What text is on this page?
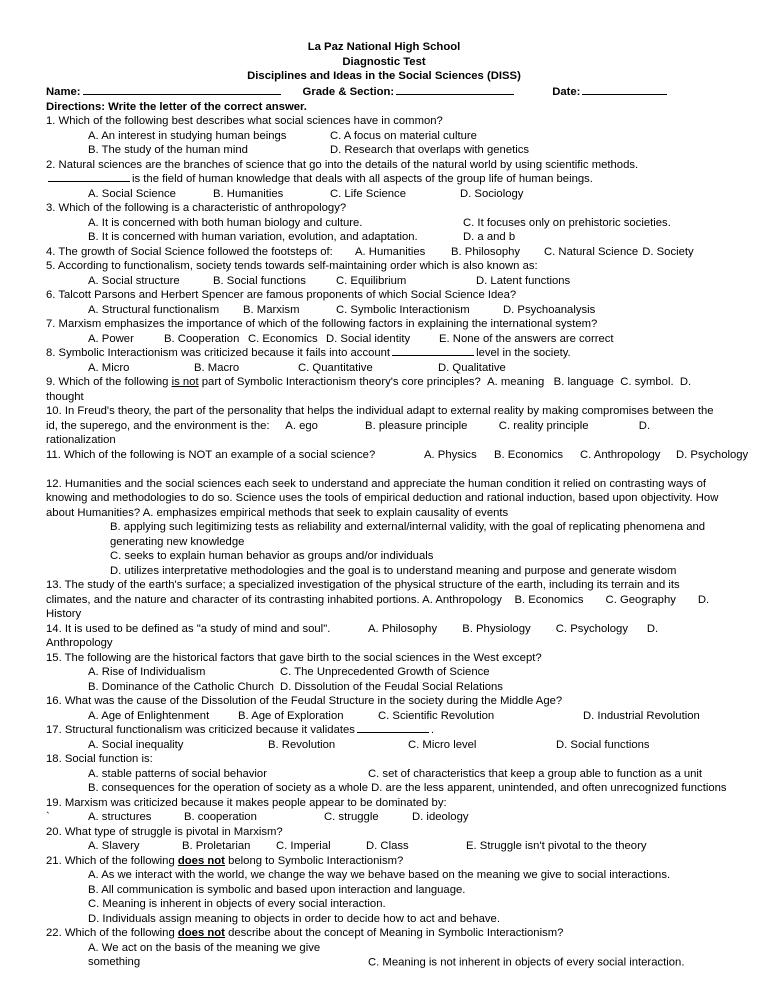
La Paz National High School
Diagnostic Test
Disciplines and Ideas in the Social Sciences (DISS)
Name:	Grade & Section:	Date:
Directions: Write the letter of the correct answer.
1. Which of the following best describes what social sciences have in common?
A. An interest in studying human beings	C. A focus on material culture
B. The study of the human mind	D. Research that overlaps with genetics
2. Natural sciences are the branches of science that go into the details of the natural world by using scientific methods.is the field of human knowledge that deals with all aspects of the group life of human beings.
A. Social Science	B. Humanities	C. Life Science	D. Sociology
3. Which of the following is a characteristic of anthropology?
A. It is concerned with both human biology and culture.	C. It focuses only on prehistoric societies.
B. It is concerned with human variation, evolution, and adaptation.	D. a and b
4. The growth of Social Science followed the footsteps of: A. Humanities B. Philosophy C. Natural Science D. Society
5. According to functionalism, society tends towards self-maintaining order which is also known as:
A. Social structure	B. Social functions	C. Equilibrium	D. Latent functions
6. Talcott Parsons and Herbert Spencer are famous proponents of which Social Science Idea?
A. Structural functionalism B. Marxism	C. Symbolic Interactionism	D. Psychoanalysis
7. Marxism emphasizes the importance of which of the following factors in explaining the international system?
A. Power	B. Cooperation C. Economics D. Social identity	E. None of the answers are correct
8. Symbolic Interactionism was criticized because it fails into account	level in the society.
A. Micro	B. Macro	C. Quantitative	D. Qualitative
9. Which of the following is not part of Symbolic Interactionism theory's core principles? A. meaning B. language C. symbol. D. thought
10. In Freud's theory, the part of the personality that helps the individual adapt to external reality by making compromises between the id, the superego, and the environment is the: A. ego	B. pleasure principle	C. reality principle	D. rationalization
11. Which of the following is NOT an example of a social science?	A. Physics B. Economics C. Anthropology D. Psychology
12. Humanities and the social sciences each seek to understand and appreciate the human condition it relied on contrasting ways of knowing and methodologies to do so. Science uses the tools of empirical deduction and rational induction, based upon objectivity. How about Humanities? A. emphasizes empirical methods that seek to explain causality of events
B. applying such legitimizing tests as reliability and external/internal validity, with the goal of replicating phenomena and generating new knowledge
C. seeks to explain human behavior as groups and/or individuals
D. utilizes interpretative methodologies and the goal is to understand meaning and purpose and generate wisdom
13. The study of the earth's surface; a specialized investigation of the physical structure of the earth, including its terrain and its climates, and the nature and character of its contrasting inhabited portions. A. Anthropology B. Economics C. Geography D. History
14. It is used to be defined as "a study of mind and soul".	A. Philosophy B. Physiology C. Psychology D. Anthropology
15. The following are the historical factors that gave birth to the social sciences in the West except?
A. Rise of Individualism	C. The Unprecedented Growth of Science
B. Dominance of the Catholic Church D. Dissolution of the Feudal Social Relations
16. What was the cause of the Dissolution of the Feudal Structure in the society during the Middle Age?
A. Age of Enlightenment	B. Age of Exploration	C. Scientific Revolution	D. Industrial Revolution
17. Structural functionalism was criticized because it validates	.
A. Social inequality	B. Revolution	C. Micro level	D. Social functions
18. Social function is:
A. stable patterns of social behavior	C. set of characteristics that keep a group able to function as a unit
B. consequences for the operation of society as a whole D. are the less apparent, unintended, and often unrecognized functions
19. Marxism was criticized because it makes people appear to be dominated by:
`	A. structures	B. cooperation	C. struggle	D. ideology
20. What type of struggle is pivotal in Marxism?
A. Slavery	B. Proletarian C. Imperial	D. Class	E. Struggle isn't pivotal to the theory
21. Which of the following does not belong to Symbolic Interactionism?
A. As we interact with the world, we change the way we behave based on the meaning we give to social interactions.
B. All communication is symbolic and based upon interaction and language.
C. Meaning is inherent in objects of every social interaction.
D. Individuals assign meaning to objects in order to decide how to act and behave.
22. Which of the following does not describe about the concept of Meaning in Symbolic Interactionism?
A. We act on the basis of the meaning we give something	C. Meaning is not inherent in objects of every social interaction.
